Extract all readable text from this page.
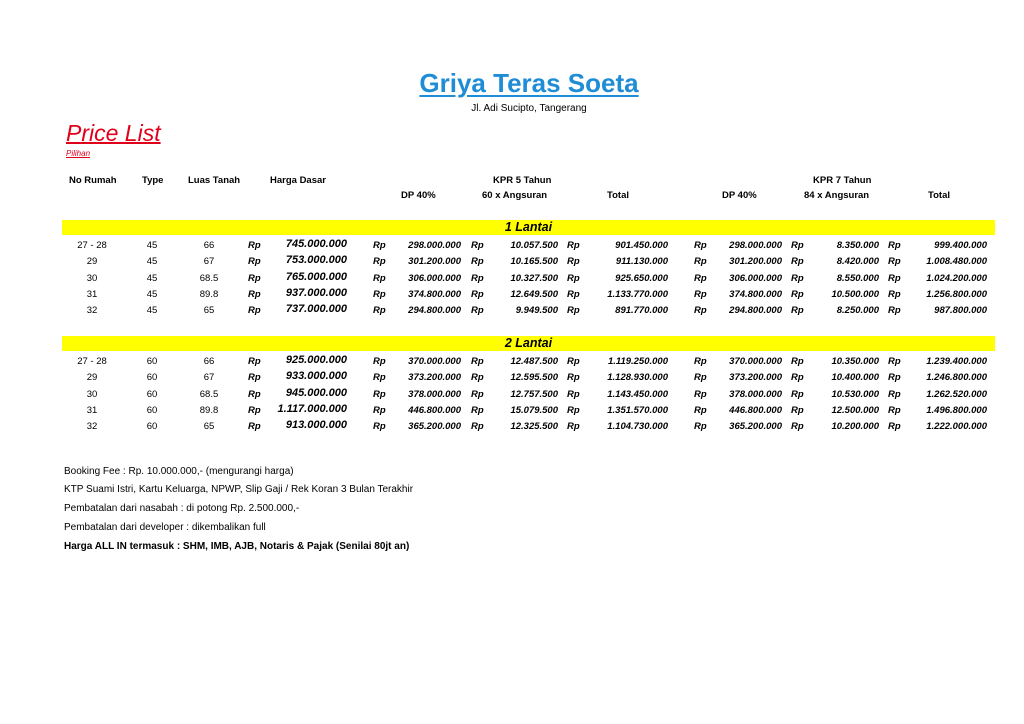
Griya Teras Soeta
Jl. Adi Sucipto, Tangerang
Price List
Pilihan
No Rumah	Type	Luas Tanah	Harga Dasar	KPR 5 Tahun
DP 40%	60 x Angsuran	Total
KPR 7 Tahun
DP 40%	84 x Angsuran	Total
1 Lantai
2 Lantai
27 - 28	45	66	Rp	745.000.000	Rp	298.000.000 Rp	10.057.500 Rp	901.450.000	Rp	298.000.000 Rp	8.350.000 Rp	999.400.000
29	45	67	Rp	753.000.000	Rp	301.200.000 Rp	10.165.500 Rp	911.130.000	Rp	301.200.000 Rp	8.420.000 Rp	1.008.480.000
30	45	68.5	Rp	765.000.000	Rp	306.000.000 Rp	10.327.500 Rp	925.650.000	Rp	306.000.000 Rp	8.550.000 Rp	1.024.200.000
31	45	89.8	Rp	937.000.000	Rp	374.800.000 Rp	12.649.500 Rp	1.133.770.000	Rp	374.800.000 Rp	10.500.000 Rp	1.256.800.000
32	45	65	Rp	737.000.000	Rp	294.800.000 Rp	9.949.500 Rp	891.770.000	Rp	294.800.000 Rp	8.250.000 Rp	987.800.000
27 - 28	60	66	Rp	925.000.000	Rp	370.000.000 Rp	12.487.500 Rp	1.119.250.000	Rp	370.000.000 Rp	10.350.000 Rp	1.239.400.000
29	60	67	Rp	933.000.000	Rp	373.200.000 Rp	12.595.500 Rp	1.128.930.000	Rp	373.200.000 Rp	10.400.000 Rp	1.246.800.000
30	60	68.5	Rp	945.000.000	Rp	378.000.000 Rp	12.757.500 Rp	1.143.450.000	Rp	378.000.000 Rp	10.530.000 Rp	1.262.520.000
31	60	89.8	Rp	1.117.000.000	Rp	446.800.000 Rp	15.079.500 Rp	1.351.570.000	Rp	446.800.000 Rp	12.500.000 Rp	1.496.800.000
32	60	65	Rp	913.000.000	Rp	365.200.000 Rp	12.325.500 Rp	1.104.730.000	Rp	365.200.000 Rp	10.200.000 Rp	1.222.000.000
Booking Fee : Rp. 10.000.000,- (mengurangi harga)
KTP Suami Istri, Kartu Keluarga, NPWP, Slip Gaji / Rek Koran 3 Bulan Terakhir
Pembatalan dari nasabah : di potong Rp. 2.500.000,-
Pembatalan dari developer : dikembalikan full
Harga ALL IN termasuk : SHM, IMB, AJB, Notaris & Pajak (Senilai 80jt an)
